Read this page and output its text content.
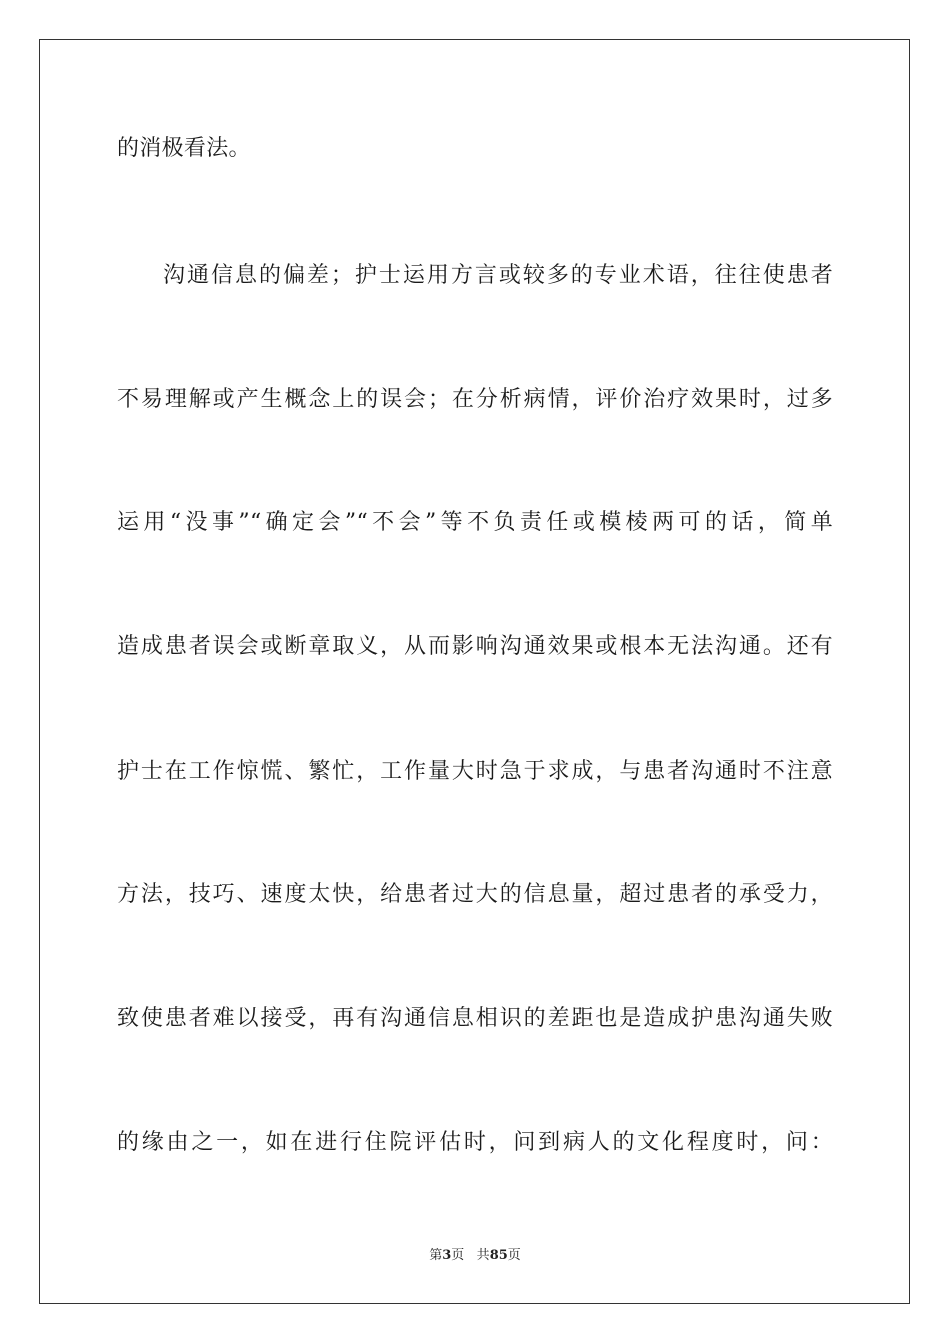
的消极看法。
沟通信息的偏差；护士运用方言或较多的专业术语，往往使患者
不易理解或产生概念上的误会；在分析病情，评价治疗效果时，过多
运用“没事”“确定会”“不会”等不负责任或模棱两可的话，简单
造成患者误会或断章取义，从而影响沟通效果或根本无法沟通。还有
护士在工作惊慌、繁忙，工作量大时急于求成，与患者沟通时不注意
方法，技巧、速度太快，给患者过大的信息量，超过患者的承受力，
致使患者难以接受，再有沟通信息相识的差距也是造成护患沟通失败
的缘由之一，如在进行住院评估时，问到病人的文化程度时，问：
第3页 共85页
